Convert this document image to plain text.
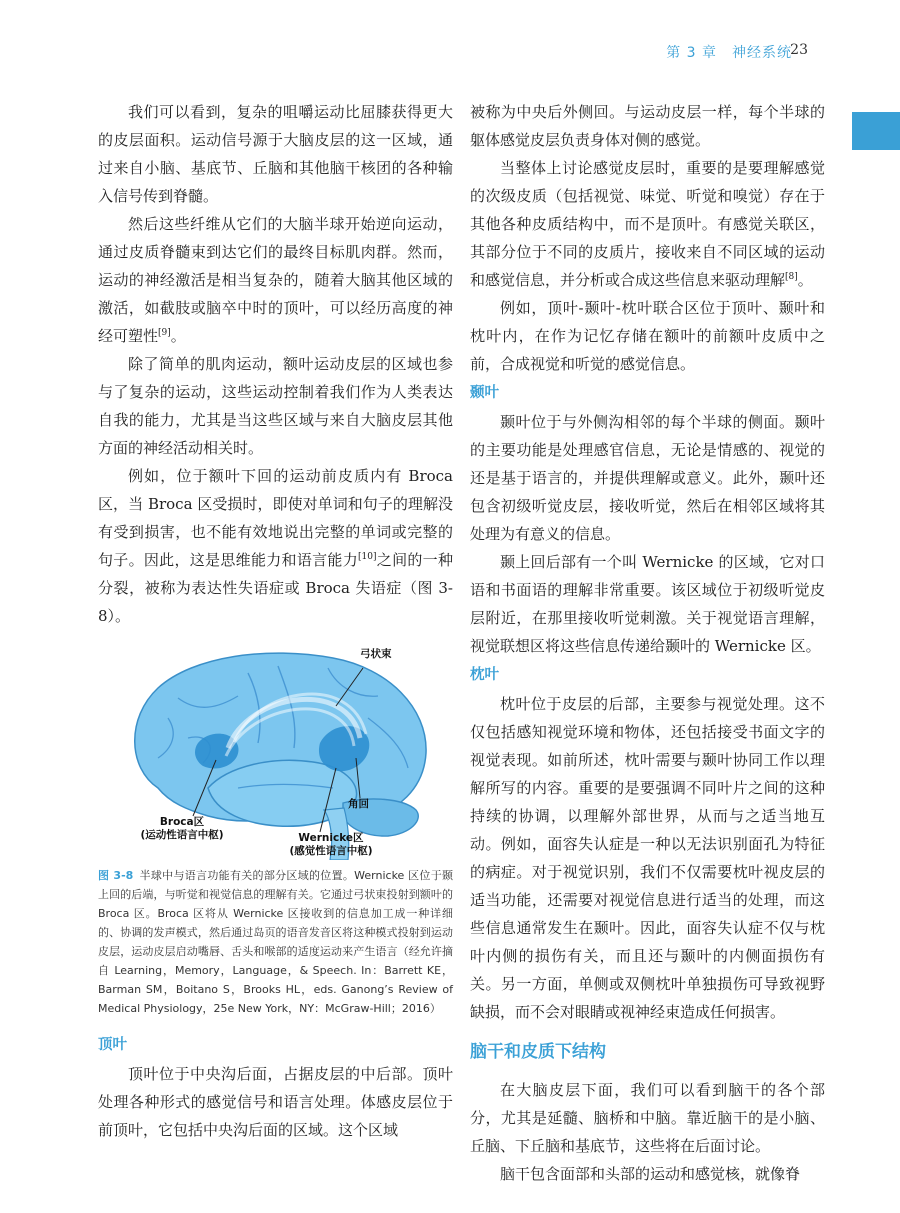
第 3 章　神经系统
23

我们可以看到，复杂的咀嚼运动比屈膝获得更大的皮层面积。运动信号源于大脑皮层的这一区域，通过来自小脑、基底节、丘脑和其他脑干核团的各种输入信号传到脊髓。

然后这些纤维从它们的大脑半球开始逆向运动，通过皮质脊髓束到达它们的最终目标肌肉群。然而，运动的神经激活是相当复杂的，随着大脑其他区域的激活，如截肢或脑卒中时的顶叶，可以经历高度的神经可塑性[9]。

除了简单的肌肉运动，额叶运动皮层的区域也参与了复杂的运动，这些运动控制着我们作为人类表达自我的能力，尤其是当这些区域与来自大脑皮层其他方面的神经活动相关时。

例如，位于额叶下回的运动前皮质内有 Broca 区，当 Broca 区受损时，即使对单词和句子的理解没有受到损害，也不能有效地说出完整的单词或完整的句子。因此，这是思维能力和语言能力[10]之间的一种分裂，被称为表达性失语症或 Broca 失语症（图 3-8）。

弓状束
Broca区
(运动性语言中枢)
角回
Wernicke区
(感觉性语言中枢)
图 3-8 半球中与语言功能有关的部分区域的位置。Wernicke 区位于颞上回的后端，与听觉和视觉信息的理解有关。它通过弓状束投射到额叶的 Broca 区。Broca 区将从 Wernicke 区接收到的信息加工成一种详细的、协调的发声模式，然后通过岛页的语音发音区将这种模式投射到运动皮层，运动皮层启动嘴唇、舌头和喉部的适度运动来产生语言（经允许摘自 Learning，Memory，Language，& Speech. In：Barrett KE，Barman SM，Boitano S，Brooks HL，eds. Ganong’s Review of Medical Physiology，25e New York，NY：McGraw-Hill；2016）
顶叶

顶叶位于中央沟后面，占据皮层的中后部。顶叶处理各种形式的感觉信号和语言处理。体感皮层位于前顶叶，它包括中央沟后面的区域。这个区域

被称为中央后外侧回。与运动皮层一样，每个半球的躯体感觉皮层负责身体对侧的感觉。

当整体上讨论感觉皮层时，重要的是要理解感觉的次级皮质（包括视觉、味觉、听觉和嗅觉）存在于其他各种皮质结构中，而不是顶叶。有感觉关联区，其部分位于不同的皮质片，接收来自不同区域的运动和感觉信息，并分析或合成这些信息来驱动理解[8]。

例如，顶叶-颞叶-枕叶联合区位于顶叶、颞叶和枕叶内，在作为记忆存储在额叶的前额叶皮质中之前，合成视觉和听觉的感觉信息。

颞叶

颞叶位于与外侧沟相邻的每个半球的侧面。颞叶的主要功能是处理感官信息，无论是情感的、视觉的还是基于语言的，并提供理解或意义。此外，颞叶还包含初级听觉皮层，接收听觉，然后在相邻区域将其处理为有意义的信息。

颞上回后部有一个叫 Wernicke 的区域，它对口语和书面语的理解非常重要。该区域位于初级听觉皮层附近，在那里接收听觉刺激。关于视觉语言理解，视觉联想区将这些信息传递给颞叶的 Wernicke 区。

枕叶

枕叶位于皮层的后部，主要参与视觉处理。这不仅包括感知视觉环境和物体，还包括接受书面文字的视觉表现。如前所述，枕叶需要与颞叶协同工作以理解所写的内容。重要的是要强调不同叶片之间的这种持续的协调，以理解外部世界，从而与之适当地互动。例如，面容失认症是一种以无法识别面孔为特征的病症。对于视觉识别，我们不仅需要枕叶视皮层的适当功能，还需要对视觉信息进行适当的处理，而这些信息通常发生在颞叶。因此，面容失认症不仅与枕叶内侧的损伤有关，而且还与颞叶的内侧面损伤有关。另一方面，单侧或双侧枕叶单独损伤可导致视野缺损，而不会对眼睛或视神经束造成任何损害。

脑干和皮质下结构

在大脑皮层下面，我们可以看到脑干的各个部分，尤其是延髓、脑桥和中脑。靠近脑干的是小脑、丘脑、下丘脑和基底节，这些将在后面讨论。

脑干包含面部和头部的运动和感觉核，就像脊
